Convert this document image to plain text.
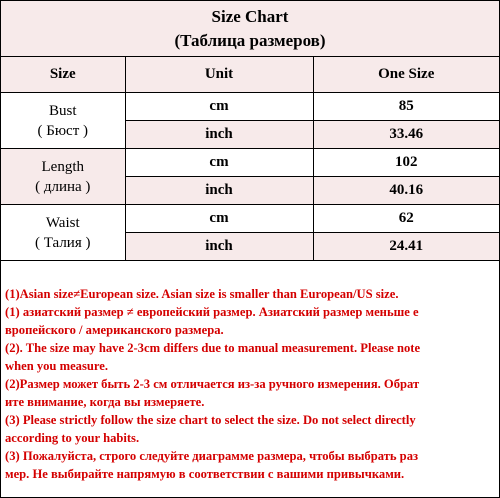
Size Chart
(Таблица размеров)
Size	Unit	One Size

Bust
( Бюст )	cm	85
	inch	33.46

Length
( длина )	cm	102
	inch	40.16

Waist
( Талия )	cm	62
	inch	24.41
(1)Asian size≠European size. Asian size is smaller than European/US size.
(1) азиатский размер ≠ европейский размер. Азиатский размер меньше е
вропейского / американского размера.
(2). The size may have 2-3cm differs due to manual measurement. Please note
when you measure.
(2)Размер может быть 2-3 см отличается из-за ручного измерения. Обрат
ите внимание, когда вы измеряете.
(3) Please strictly follow the size chart to select the size. Do not select directly
according to your habits.
(3) Пожалуйста, строго следуйте диаграмме размера, чтобы выбрать раз
мер. Не выбирайте напрямую в соответствии с вашими привычками.
